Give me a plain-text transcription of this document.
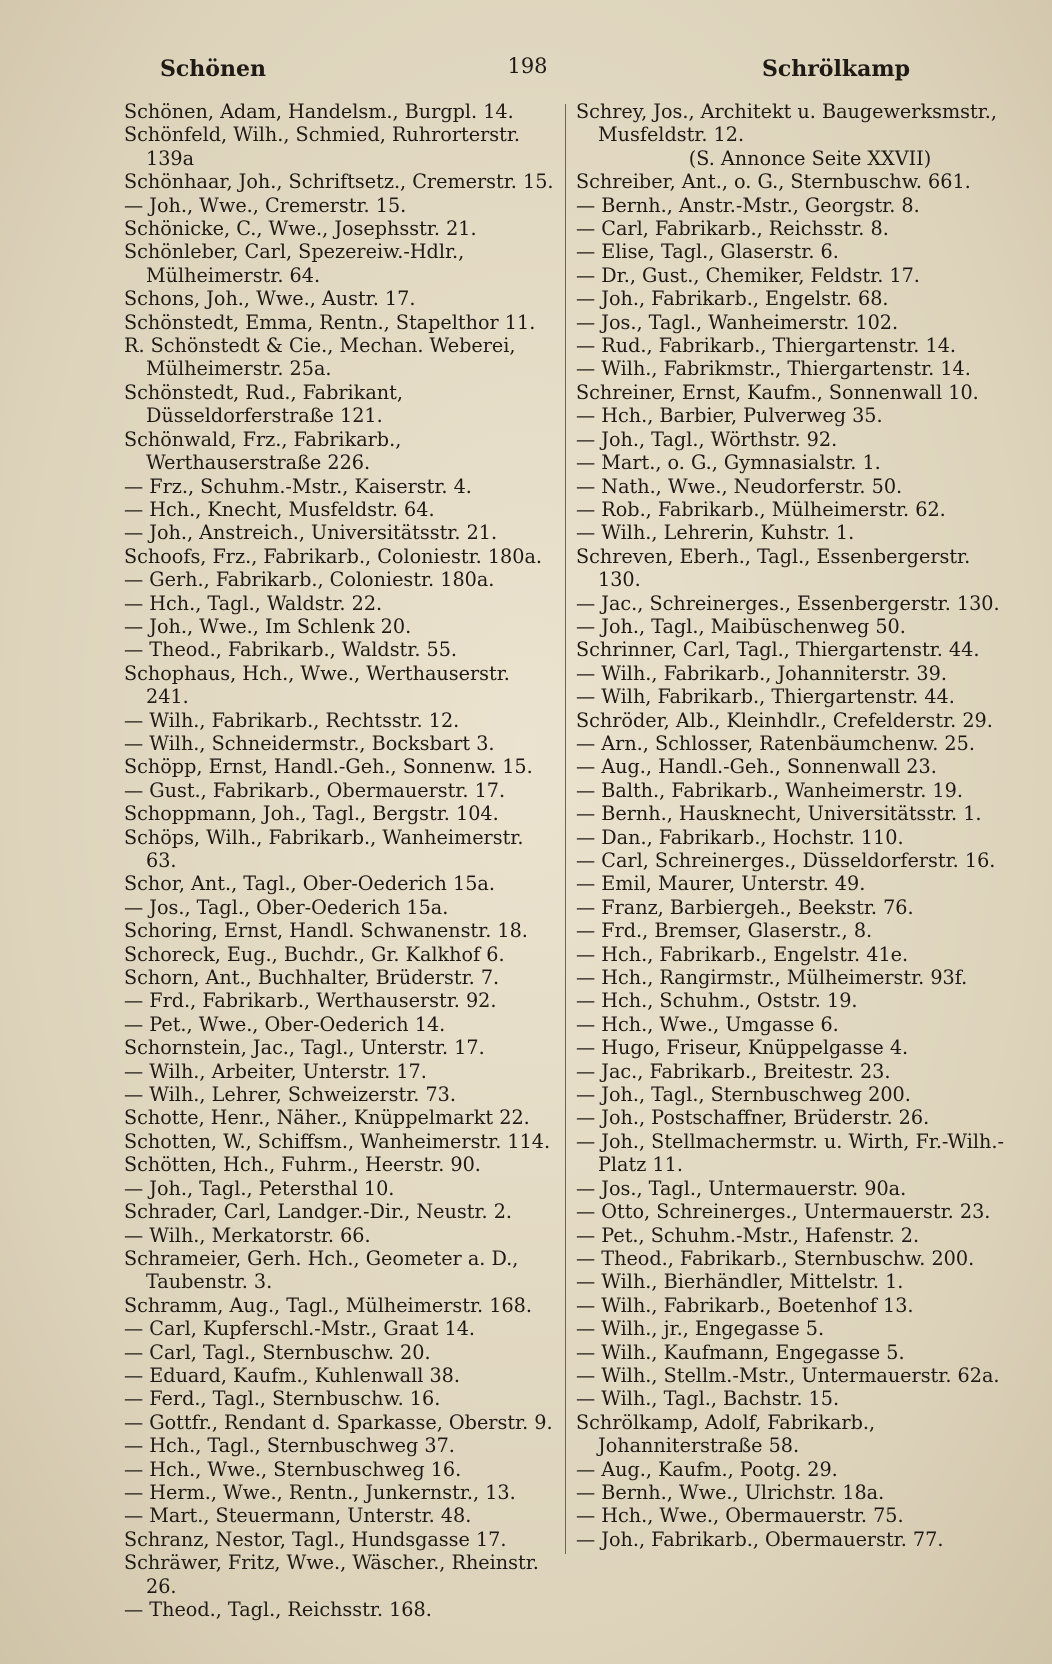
Schönen	198	Schrölkamp

Schönen, Adam, Handelsm., Burgpl. 14.

Schönfeld, Wilh., Schmied, Ruhrorterstr. 139a

Schönhaar, Joh., Schriftsetz., Cremerstr. 15.

— Joh., Wwe., Cremerstr. 15.

Schönicke, C., Wwe., Josephsstr. 21.

Schönleber, Carl, Spezereiw.-Hdlr., Mülheimerstr. 64.

Schons, Joh., Wwe., Austr. 17.

Schönstedt, Emma, Rentn., Stapelthor 11.

R. Schönstedt & Cie., Mechan. Weberei, Mülheimerstr. 25a.

Schönstedt, Rud., Fabrikant, Düsseldorferstraße 121.

Schönwald, Frz., Fabrikarb., Werthauserstraße 226.

— Frz., Schuhm.-Mstr., Kaiserstr. 4.

— Hch., Knecht, Musfeldstr. 64.

— Joh., Anstreich., Universitätsstr. 21.

Schoofs, Frz., Fabrikarb., Coloniestr. 180a.

— Gerh., Fabrikarb., Coloniestr. 180a.

— Hch., Tagl., Waldstr. 22.

— Joh., Wwe., Im Schlenk 20.

— Theod., Fabrikarb., Waldstr. 55.

Schophaus, Hch., Wwe., Werthauserstr. 241.

— Wilh., Fabrikarb., Rechtsstr. 12.

— Wilh., Schneidermstr., Bocksbart 3.

Schöpp, Ernst, Handl.-Geh., Sonnenw. 15.

— Gust., Fabrikarb., Obermauerstr. 17.

Schoppmann, Joh., Tagl., Bergstr. 104.

Schöps, Wilh., Fabrikarb., Wanheimerstr. 63.

Schor, Ant., Tagl., Ober-Oederich 15a.

— Jos., Tagl., Ober-Oederich 15a.

Schoring, Ernst, Handl. Schwanenstr. 18.

Schoreck, Eug., Buchdr., Gr. Kalkhof 6.

Schorn, Ant., Buchhalter, Brüderstr. 7.

— Frd., Fabrikarb., Werthauserstr. 92.

— Pet., Wwe., Ober-Oederich 14.

Schornstein, Jac., Tagl., Unterstr. 17.

— Wilh., Arbeiter, Unterstr. 17.

— Wilh., Lehrer, Schweizerstr. 73.

Schotte, Henr., Näher., Knüppelmarkt 22.

Schotten, W., Schiffsm., Wanheimerstr. 114.

Schötten, Hch., Fuhrm., Heerstr. 90.

— Joh., Tagl., Petersthal 10.

Schrader, Carl, Landger.-Dir., Neustr. 2.

— Wilh., Merkatorstr. 66.

Schrameier, Gerh. Hch., Geometer a. D., Taubenstr. 3.

Schramm, Aug., Tagl., Mülheimerstr. 168.

— Carl, Kupferschl.-Mstr., Graat 14.

— Carl, Tagl., Sternbuschw. 20.

— Eduard, Kaufm., Kuhlenwall 38.

— Ferd., Tagl., Sternbuschw. 16.

— Gottfr., Rendant d. Sparkasse, Oberstr. 9.

— Hch., Tagl., Sternbuschweg 37.

— Hch., Wwe., Sternbuschweg 16.

— Herm., Wwe., Rentn., Junkernstr., 13.

— Mart., Steuermann, Unterstr. 48.

Schranz, Nestor, Tagl., Hundsgasse 17.

Schräwer, Fritz, Wwe., Wäscher., Rheinstr. 26.

— Theod., Tagl., Reichsstr. 168.

Schrey, Jos., Architekt u. Baugewerksmstr., Musfeldstr. 12.

(S. Annonce Seite XXVII)

Schreiber, Ant., o. G., Sternbuschw. 661.

— Bernh., Anstr.-Mstr., Georgstr. 8.

— Carl, Fabrikarb., Reichsstr. 8.

— Elise, Tagl., Glaserstr. 6.

— Dr., Gust., Chemiker, Feldstr. 17.

— Joh., Fabrikarb., Engelstr. 68.

— Jos., Tagl., Wanheimerstr. 102.

— Rud., Fabrikarb., Thiergartenstr. 14.

— Wilh., Fabrikmstr., Thiergartenstr. 14.

Schreiner, Ernst, Kaufm., Sonnenwall 10.

— Hch., Barbier, Pulverweg 35.

— Joh., Tagl., Wörthstr. 92.

— Mart., o. G., Gymnasialstr. 1.

— Nath., Wwe., Neudorferstr. 50.

— Rob., Fabrikarb., Mülheimerstr. 62.

— Wilh., Lehrerin, Kuhstr. 1.

Schreven, Eberh., Tagl., Essenbergerstr. 130.

— Jac., Schreinerges., Essenbergerstr. 130.

— Joh., Tagl., Maibüschenweg 50.

Schrinner, Carl, Tagl., Thiergartenstr. 44.

— Wilh., Fabrikarb., Johanniterstr. 39.

— Wilh, Fabrikarb., Thiergartenstr. 44.

Schröder, Alb., Kleinhdlr., Crefelderstr. 29.

— Arn., Schlosser, Ratenbäumchenw. 25.

— Aug., Handl.-Geh., Sonnenwall 23.

— Balth., Fabrikarb., Wanheimerstr. 19.

— Bernh., Hausknecht, Universitätsstr. 1.

— Dan., Fabrikarb., Hochstr. 110.

— Carl, Schreinerges., Düsseldorferstr. 16.

— Emil, Maurer, Unterstr. 49.

— Franz, Barbiergeh., Beekstr. 76.

— Frd., Bremser, Glaserstr., 8.

— Hch., Fabrikarb., Engelstr. 41e.

— Hch., Rangirmstr., Mülheimerstr. 93f.

— Hch., Schuhm., Oststr. 19.

— Hch., Wwe., Umgasse 6.

— Hugo, Friseur, Knüppelgasse 4.

— Jac., Fabrikarb., Breitestr. 23.

— Joh., Tagl., Sternbuschweg 200.

— Joh., Postschaffner, Brüderstr. 26.

— Joh., Stellmachermstr. u. Wirth, Fr.-Wilh.-Platz 11.

— Jos., Tagl., Untermauerstr. 90a.

— Otto, Schreinerges., Untermauerstr. 23.

— Pet., Schuhm.-Mstr., Hafenstr. 2.

— Theod., Fabrikarb., Sternbuschw. 200.

— Wilh., Bierhändler, Mittelstr. 1.

— Wilh., Fabrikarb., Boetenhof 13.

— Wilh., jr., Engegasse 5.

— Wilh., Kaufmann, Engegasse 5.

— Wilh., Stellm.-Mstr., Untermauerstr. 62a.

— Wilh., Tagl., Bachstr. 15.

Schrölkamp, Adolf, Fabrikarb., Johanniterstraße 58.

— Aug., Kaufm., Pootg. 29.

— Bernh., Wwe., Ulrichstr. 18a.

— Hch., Wwe., Obermauerstr. 75.

— Joh., Fabrikarb., Obermauerstr. 77.
